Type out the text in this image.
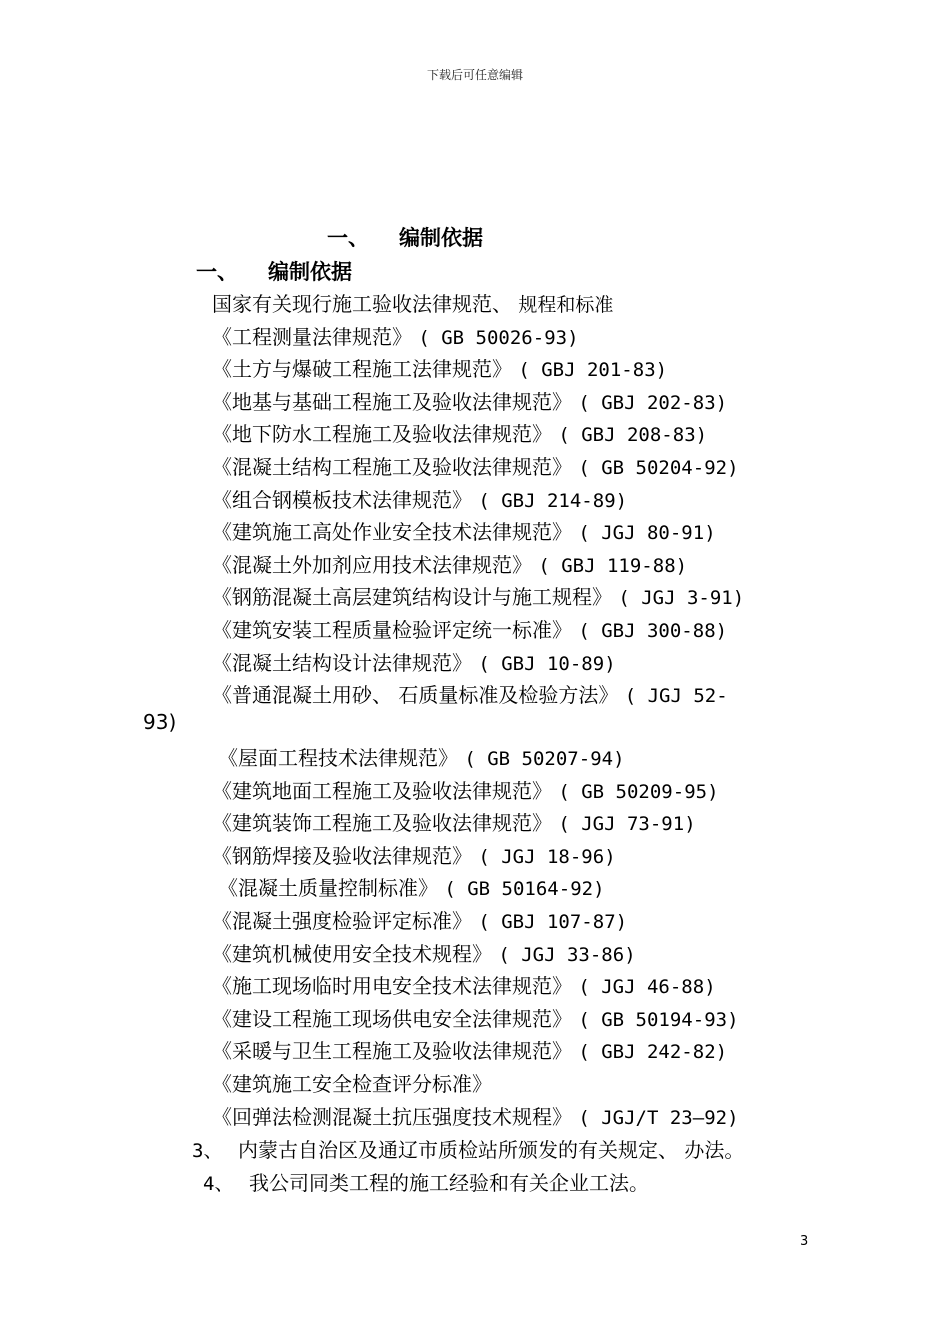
下载后可任意编辑
一、 编制依据
一、 编制依据
国家有关现行施工验收法律规范、 规程和标准
《工程测量法律规范》 ( GB 50026-93)
《土方与爆破工程施工法律规范》 ( GBJ 201-83)
《地基与基础工程施工及验收法律规范》 ( GBJ 202-83)
《地下防水工程施工及验收法律规范》 ( GBJ 208-83)
《混凝土结构工程施工及验收法律规范》 ( GB 50204-92)
《组合钢模板技术法律规范》 ( GBJ 214-89)
《建筑施工高处作业安全技术法律规范》 ( JGJ 80-91)
《混凝土外加剂应用技术法律规范》 ( GBJ 119-88)
《钢筋混凝土高层建筑结构设计与施工规程》 ( JGJ 3-91)
《建筑安装工程质量检验评定统一标准》 ( GBJ 300-88)
《混凝土结构设计法律规范》 ( GBJ 10-89)
《普通混凝土用砂、 石质量标准及检验方法》 ( JGJ 52-
93)
《屋面工程技术法律规范》 ( GB 50207-94)
《建筑地面工程施工及验收法律规范》 ( GB 50209-95)
《建筑装饰工程施工及验收法律规范》 ( JGJ 73-91)
《钢筋焊接及验收法律规范》 ( JGJ 18-96)
《混凝土质量控制标准》 ( GB 50164-92)
《混凝土强度检验评定标准》 ( GBJ 107-87)
《建筑机械使用安全技术规程》 ( JGJ 33-86)
《施工现场临时用电安全技术法律规范》 ( JGJ 46-88)
《建设工程施工现场供电安全法律规范》 ( GB 50194-93)
《采暖与卫生工程施工及验收法律规范》 ( GBJ 242-82)
《建筑施工安全检查评分标准》
《回弹法检测混凝土抗压强度技术规程》 ( JGJ/T 23—92)
3、 内蒙古自治区及通辽市质检站所颁发的有关规定、 办法。
4、 我公司同类工程的施工经验和有关企业工法。
3
